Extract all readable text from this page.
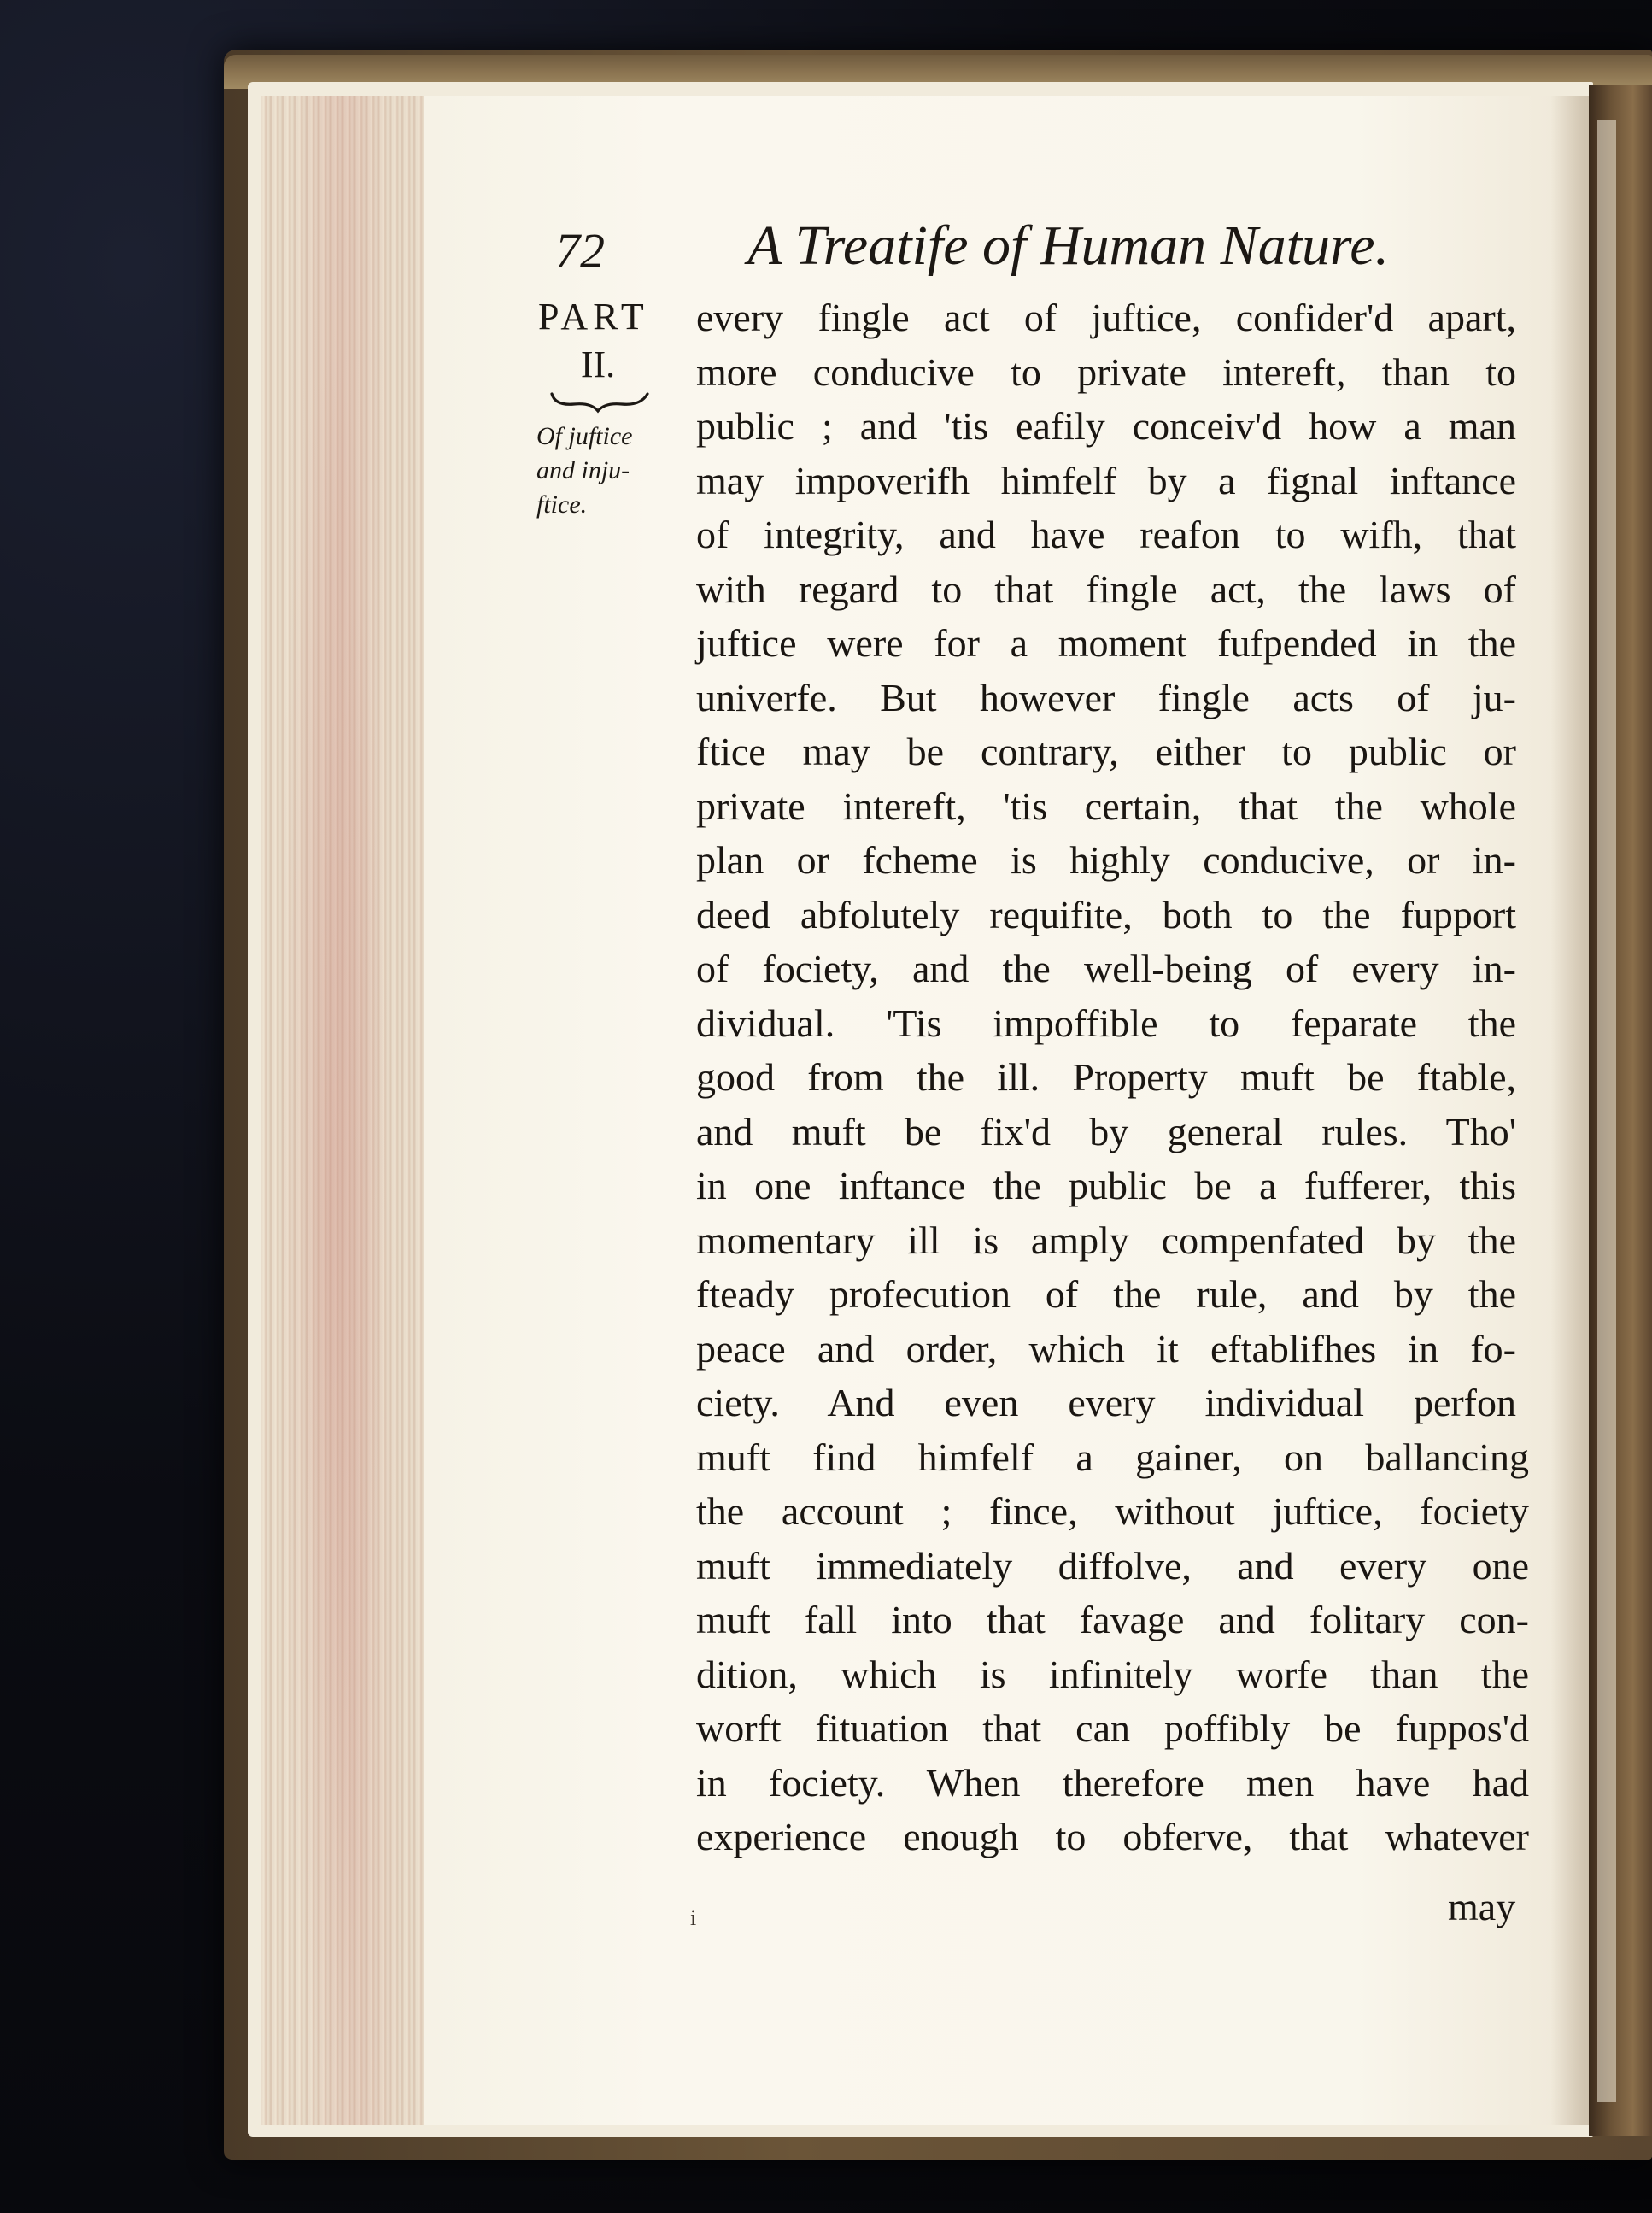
72	A Treatife of Human Nature.
PART
II.
Of juftice
and inju-
ftice.
every fingle act of juftice, confider'd apart,
more conducive to private intereft, than to
public ; and 'tis eafily conceiv'd how a man
may impoverifh himfelf by a fignal inftance
of integrity, and have reafon to wifh, that
with regard to that fingle act, the laws of
juftice were for a moment fufpended in the
univerfe. But however fingle acts of ju-
ftice may be contrary, either to public or
private intereft, 'tis certain, that the whole
plan or fcheme is highly conducive, or in-
deed abfolutely requifite, both to the fupport
of fociety, and the well-being of every in-
dividual. 'Tis impoffible to feparate the
good from the ill. Property muft be ftable,
and muft be fix'd by general rules. Tho'
in one inftance the public be a fufferer, this
momentary ill is amply compenfated by the
fteady profecution of the rule, and by the
peace and order, which it eftablifhes in fo-
ciety. And even every individual perfon
muft find himfelf a gainer, on ballancing
the account ; fince, without juftice, fociety
muft immediately diffolve, and every one
muft fall into that favage and folitary con-
dition, which is infinitely worfe than the
worft fituation that can poffibly be fuppos'd
in fociety. When therefore men have had
experience enough to obferve, that whatever
i	may
